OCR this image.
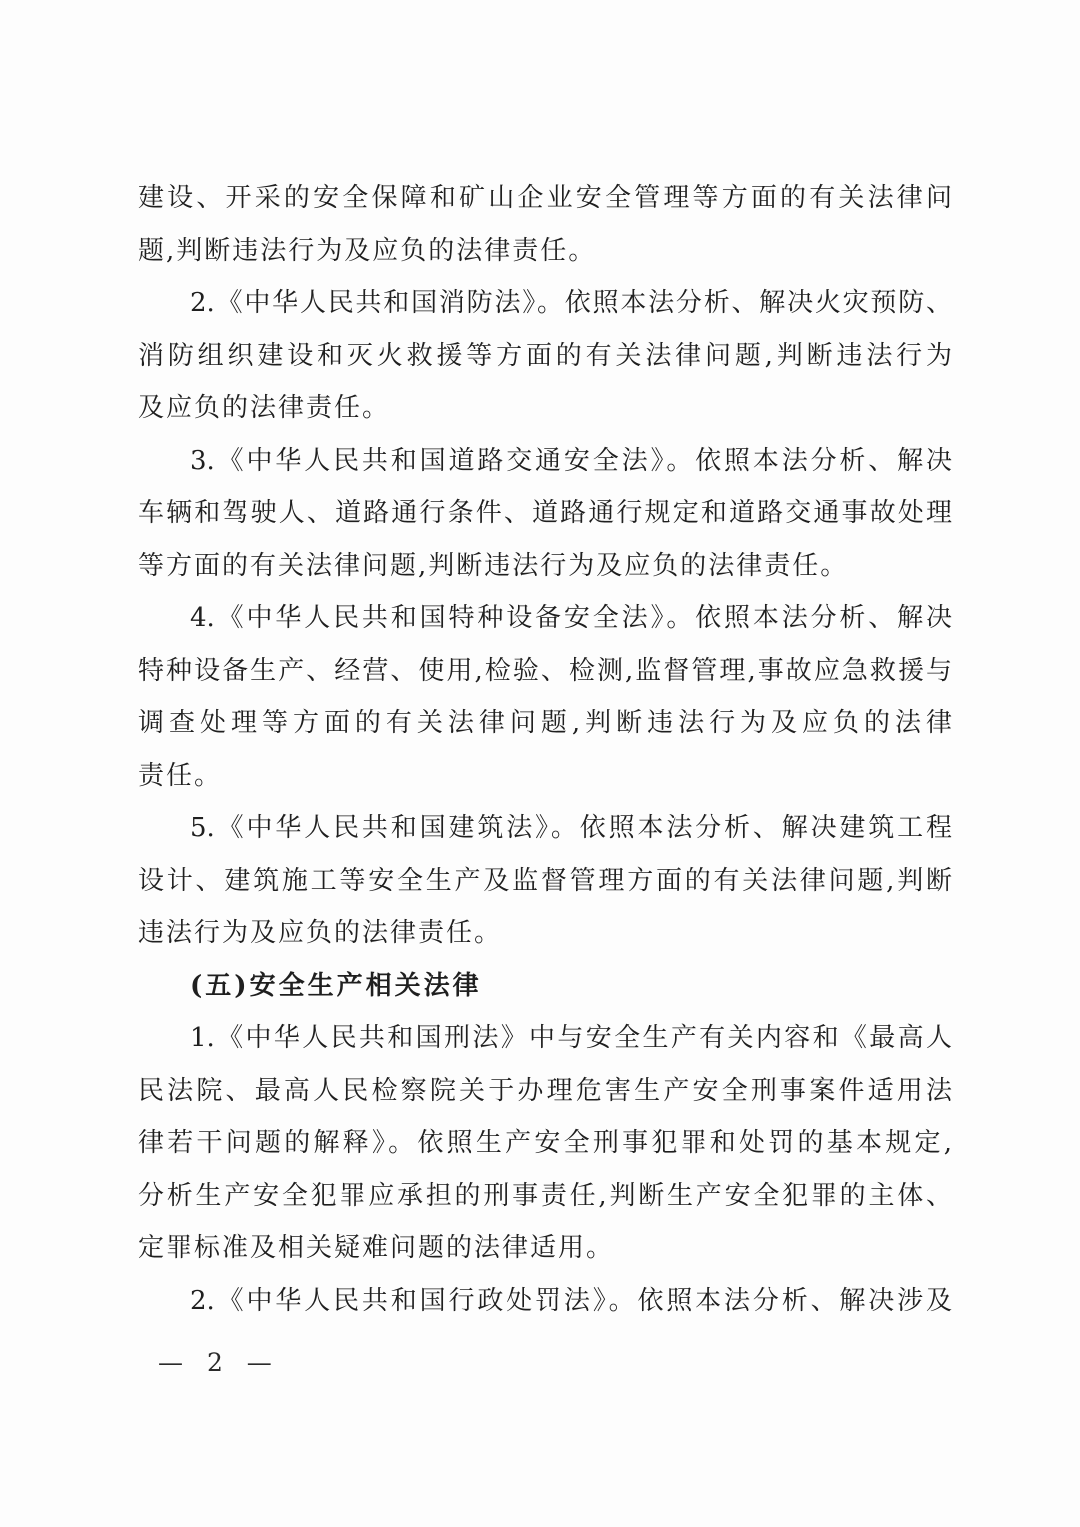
建设、开采的安全保障和矿山企业安全管理等方面的有关法律问
题,判断违法行为及应负的法律责任。
2.《中华人民共和国消防法》。依照本法分析、解决火灾预防、
消防组织建设和灭火救援等方面的有关法律问题,判断违法行为
及应负的法律责任。
3.《中华人民共和国道路交通安全法》。依照本法分析、解决
车辆和驾驶人、道路通行条件、道路通行规定和道路交通事故处理
等方面的有关法律问题,判断违法行为及应负的法律责任。
4.《中华人民共和国特种设备安全法》。依照本法分析、解决
特种设备生产、经营、使用,检验、检测,监督管理,事故应急救援与
调查处理等方面的有关法律问题,判断违法行为及应负的法律
责任。
5.《中华人民共和国建筑法》。依照本法分析、解决建筑工程
设计、建筑施工等安全生产及监督管理方面的有关法律问题,判断
违法行为及应负的法律责任。
(五)安全生产相关法律
1.《中华人民共和国刑法》中与安全生产有关内容和《最高人
民法院、最高人民检察院关于办理危害生产安全刑事案件适用法
律若干问题的解释》。依照生产安全刑事犯罪和处罚的基本规定,
分析生产安全犯罪应承担的刑事责任,判断生产安全犯罪的主体、
定罪标准及相关疑难问题的法律适用。
2.《中华人民共和国行政处罚法》。依照本法分析、解决涉及
— 2 —
